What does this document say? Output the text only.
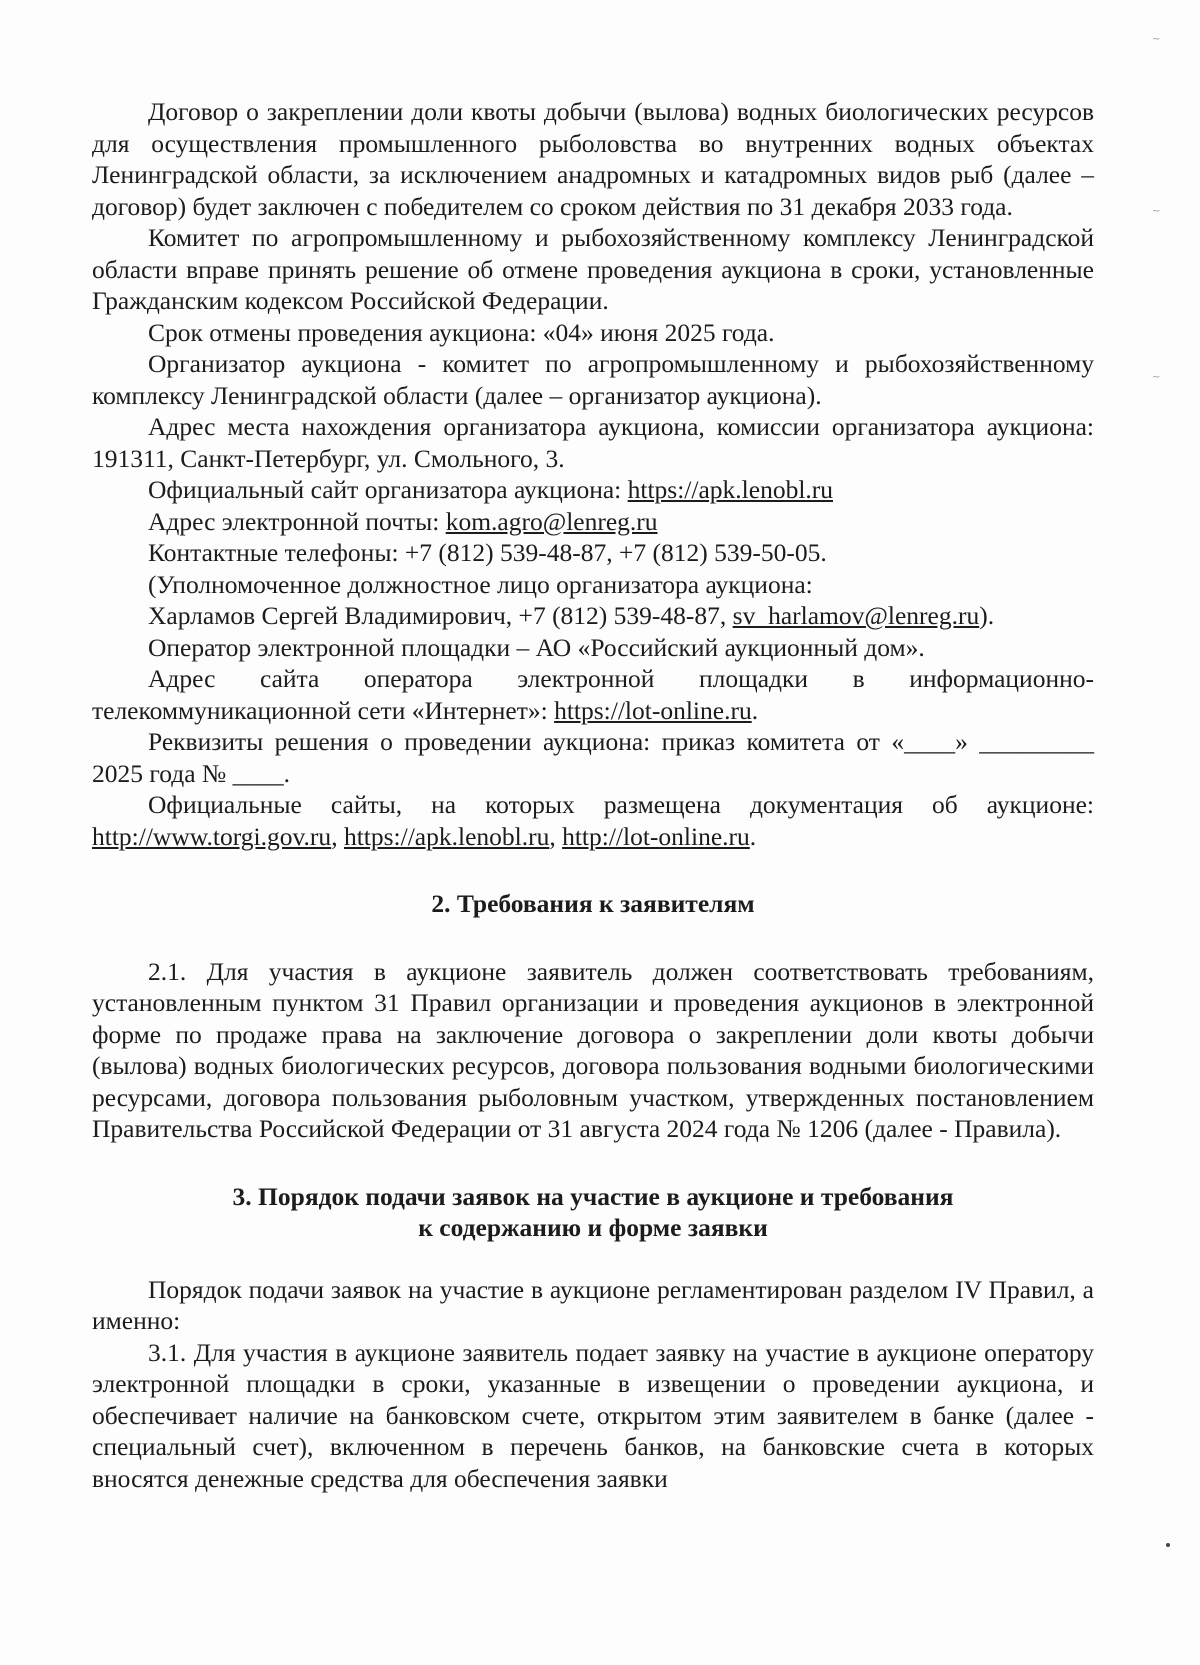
Договор о закреплении доли квоты добычи (вылова) водных биологических ресурсов для осуществления промышленного рыболовства во внутренних водных объектах Ленинградской области, за исключением анадромных и катадромных видов рыб (далее – договор) будет заключен с победителем со сроком действия по 31 декабря 2033 года.

Комитет по агропромышленному и рыбохозяйственному комплексу Ленинградской области вправе принять решение об отмене проведения аукциона в сроки, установленные Гражданским кодексом Российской Федерации.

Срок отмены проведения аукциона: «04» июня 2025 года.

Организатор аукциона - комитет по агропромышленному и рыбохозяйственному комплексу Ленинградской области (далее – организатор аукциона).

Адрес места нахождения организатора аукциона, комиссии организатора аукциона: 191311, Санкт-Петербург, ул. Смольного, 3.

Официальный сайт организатора аукциона: https://apk.lenobl.ru

Адрес электронной почты: kom.agro@lenreg.ru

Контактные телефоны: +7 (812) 539-48-87, +7 (812) 539-50-05.

(Уполномоченное должностное лицо организатора аукциона:

Харламов Сергей Владимирович, +7 (812) 539-48-87, sv_harlamov@lenreg.ru).

Оператор электронной площадки – АО «Российский аукционный дом».

Адрес сайта оператора электронной площадки в информационно-телекоммуникационной сети «Интернет»: https://lot-online.ru.

Реквизиты решения о проведении аукциона: приказ комитета от «____» _________ 2025 года № ____.

Официальные сайты, на которых размещена документация об аукционе: http://www.torgi.gov.ru, https://apk.lenobl.ru, http://lot-online.ru.

2. Требования к заявителям

2.1. Для участия в аукционе заявитель должен соответствовать требованиям, установленным пунктом 31 Правил организации и проведения аукционов в электронной форме по продаже права на заключение договора о закреплении доли квоты добычи (вылова) водных биологических ресурсов, договора пользования водными биологическими ресурсами, договора пользования рыболовным участком, утвержденных постановлением Правительства Российской Федерации от 31 августа 2024 года № 1206 (далее - Правила).

3. Порядок подачи заявок на участие в аукционе и требования

к содержанию и форме заявки

Порядок подачи заявок на участие в аукционе регламентирован разделом IV Правил, а именно:

3.1. Для участия в аукционе заявитель подает заявку на участие в аукционе оператору электронной площадки в сроки, указанные в извещении о проведении аукциона, и обеспечивает наличие на банковском счете, открытом этим заявителем в банке (далее - специальный счет), включенном в перечень банков, на банковские счета в которых вносятся денежные средства для обеспечения заявки

~
~
~
